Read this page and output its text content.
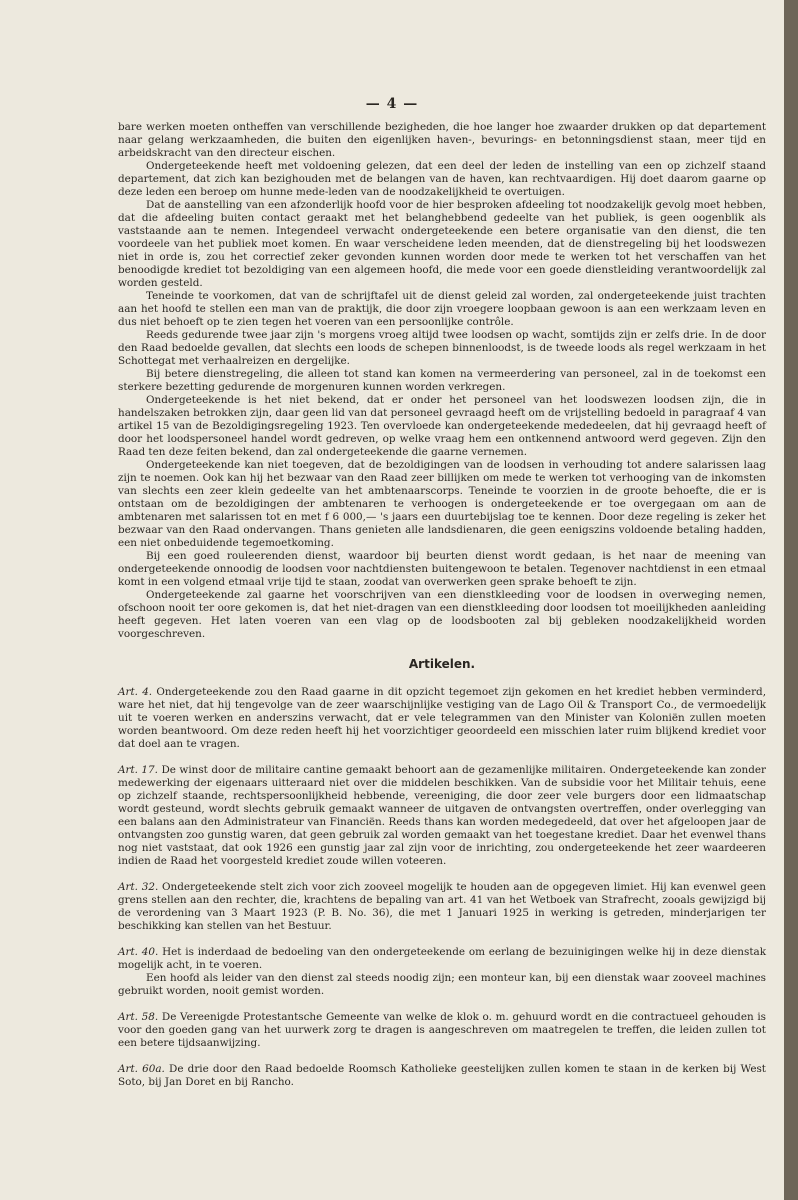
— 4 —

bare werken moeten ontheffen van verschillende bezigheden, die hoe langer hoe zwaarder drukken op dat departement naar gelang werkzaamheden, die buiten den eigenlijken haven-, bevurings- en betonningsdienst staan, meer tijd en arbeidskracht van den directeur eischen.

Ondergeteekende heeft met voldoening gelezen, dat een deel der leden de instelling van een op zichzelf staand departement, dat zich kan bezighouden met de belangen van de haven, kan rechtvaardigen. Hij doet daarom gaarne op deze leden een beroep om hunne mede-leden van de noodzakelijkheid te overtuigen.

Dat de aanstelling van een afzonderlijk hoofd voor de hier besproken afdeeling tot noodzakelijk gevolg moet hebben, dat die afdeeling buiten contact geraakt met het belanghebbend gedeelte van het publiek, is geen oogenblik als vaststaande aan te nemen. Integendeel verwacht ondergeteekende een betere organisatie van den dienst, die ten voordeele van het publiek moet komen. En waar verscheidene leden meenden, dat de dienstregeling bij het loodswezen niet in orde is, zou het correctief zeker gevonden kunnen worden door mede te werken tot het verschaffen van het benoodigde krediet tot bezoldiging van een algemeen hoofd, die mede voor een goede dienstleiding verantwoordelijk zal worden gesteld.

Teneinde te voorkomen, dat van de schrijftafel uit de dienst geleid zal worden, zal ondergeteekende juist trachten aan het hoofd te stellen een man van de praktijk, die door zijn vroegere loopbaan gewoon is aan een werkzaam leven en dus niet behoeft op te zien tegen het voeren van een persoonlijke contrôle.

Reeds gedurende twee jaar zijn 's morgens vroeg altijd twee loodsen op wacht, somtijds zijn er zelfs drie. In de door den Raad bedoelde gevallen, dat slechts een loods de schepen binnenloodst, is de tweede loods als regel werkzaam in het Schottegat met verhaalreizen en dergelijke.

Bij betere dienstregeling, die alleen tot stand kan komen na vermeerdering van personeel, zal in de toekomst een sterkere bezetting gedurende de morgenuren kunnen worden verkregen.

Ondergeteekende is het niet bekend, dat er onder het personeel van het loodswezen loodsen zijn, die in handelszaken betrokken zijn, daar geen lid van dat personeel gevraagd heeft om de vrijstelling bedoeld in paragraaf 4 van artikel 15 van de Bezoldigingsregeling 1923. Ten overvloede kan ondergeteekende mededeelen, dat hij gevraagd heeft of door het loodspersoneel handel wordt gedreven, op welke vraag hem een ontkennend antwoord werd gegeven. Zijn den Raad ten deze feiten bekend, dan zal ondergeteekende die gaarne vernemen.

Ondergeteekende kan niet toegeven, dat de bezoldigingen van de loodsen in verhouding tot andere salarissen laag zijn te noemen. Ook kan hij het bezwaar van den Raad zeer billijken om mede te werken tot verhooging van de inkomsten van slechts een zeer klein gedeelte van het ambtenaarscorps. Teneinde te voorzien in de groote behoefte, die er is ontstaan om de bezoldigingen der ambtenaren te verhoogen is ondergeteekende er toe overgegaan om aan de ambtenaren met salarissen tot en met f 6 000,— 's jaars een duurtebijslag toe te kennen. Door deze regeling is zeker het bezwaar van den Raad ondervangen. Thans genieten alle landsdienaren, die geen eenigszins voldoende betaling hadden, een niet onbeduidende tegemoetkoming.

Bij een goed rouleerenden dienst, waardoor bij beurten dienst wordt gedaan, is het naar de meening van ondergeteekende onnoodig de loodsen voor nachtdiensten buitengewoon te betalen. Tegenover nachtdienst in een etmaal komt in een volgend etmaal vrije tijd te staan, zoodat van overwerken geen sprake behoeft te zijn.

Ondergeteekende zal gaarne het voorschrijven van een dienstkleeding voor de loodsen in overweging nemen, ofschoon nooit ter oore gekomen is, dat het niet-dragen van een dienstkleeding door loodsen tot moeilijkheden aanleiding heeft gegeven. Het laten voeren van een vlag op de loodsbooten zal bij gebleken noodzakelijkheid worden voorgeschreven.

Artikelen.

Art. 4. Ondergeteekende zou den Raad gaarne in dit opzicht tegemoet zijn gekomen en het krediet hebben verminderd, ware het niet, dat hij tengevolge van de zeer waarschijnlijke vestiging van de Lago Oil & Transport Co., de vermoedelijk uit te voeren werken en anderszins verwacht, dat er vele telegrammen van den Minister van Koloniën zullen moeten worden beantwoord. Om deze reden heeft hij het voorzichtiger geoordeeld een misschien later ruim blijkend krediet voor dat doel aan te vragen.

Art. 17. De winst door de militaire cantine gemaakt behoort aan de gezamenlijke militairen. Ondergeteekende kan zonder medewerking der eigenaars uitteraard niet over die middelen beschikken. Van de subsidie voor het Militair tehuis, eene op zichzelf staande, rechtspersoonlijkheid hebbende, vereeniging, die door zeer vele burgers door een lidmaatschap wordt gesteund, wordt slechts gebruik gemaakt wanneer de uitgaven de ontvangsten overtreffen, onder overlegging van een balans aan den Administrateur van Financiën. Reeds thans kan worden medegedeeld, dat over het afgeloopen jaar de ontvangsten zoo gunstig waren, dat geen gebruik zal worden gemaakt van het toegestane krediet. Daar het evenwel thans nog niet vaststaat, dat ook 1926 een gunstig jaar zal zijn voor de inrichting, zou ondergeteekende het zeer waardeeren indien de Raad het voorgesteld krediet zoude willen voteeren.

Art. 32. Ondergeteekende stelt zich voor zich zooveel mogelijk te houden aan de opgegeven limiet. Hij kan evenwel geen grens stellen aan den rechter, die, krachtens de bepaling van art. 41 van het Wetboek van Strafrecht, zooals gewijzigd bij de verordening van 3 Maart 1923 (P. B. No. 36), die met 1 Januari 1925 in werking is getreden, minderjarigen ter beschikking kan stellen van het Bestuur.

Art. 40. Het is inderdaad de bedoeling van den ondergeteekende om eerlang de bezuinigingen welke hij in deze dienstak mogelijk acht, in te voeren.

Een hoofd als leider van den dienst zal steeds noodig zijn; een monteur kan, bij een dienstak waar zooveel machines gebruikt worden, nooit gemist worden.

Art. 58. De Vereenigde Protestantsche Gemeente van welke de klok o. m. gehuurd wordt en die contractueel gehouden is voor den goeden gang van het uurwerk zorg te dragen is aangeschreven om maatregelen te treffen, die leiden zullen tot een betere tijdsaanwijzing.

Art. 60a. De drie door den Raad bedoelde Roomsch Katholieke geestelijken zullen komen te staan in de kerken bij West Soto, bij Jan Doret en bij Rancho.
